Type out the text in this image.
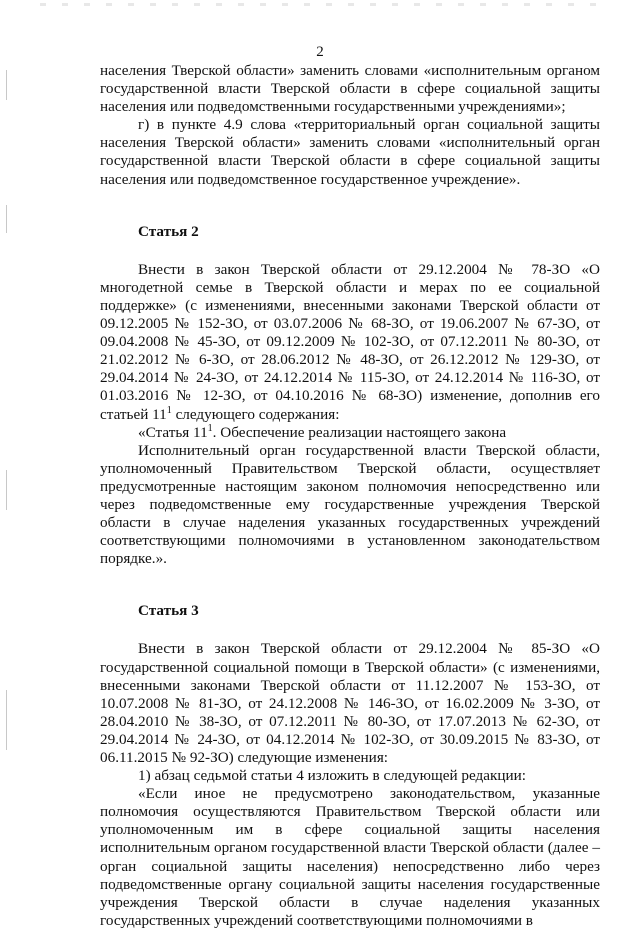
2

населения Тверской области» заменить словами «исполнительным органом государственной власти Тверской области в сфере социальной защиты населения или подведомственными государственными учреждениями»;

г) в пункте 4.9 слова «территориальный орган социальной защиты населения Тверской области» заменить словами «исполнительный орган государственной власти Тверской области в сфере социальной защиты населения или подведомственное государственное учреждение».

Статья 2

Внести в закон Тверской области от 29.12.2004 № 78-ЗО «О многодетной семье в Тверской области и мерах по ее социальной поддержке» (с изменениями, внесенными законами Тверской области от 09.12.2005 № 152-ЗО, от 03.07.2006 № 68-ЗО, от 19.06.2007 № 67-ЗО, от 09.04.2008 № 45-ЗО, от 09.12.2009 № 102-ЗО, от 07.12.2011 № 80-ЗО, от 21.02.2012 № 6-ЗО, от 28.06.2012 № 48-ЗО, от 26.12.2012 № 129-ЗО, от 29.04.2014 № 24-ЗО, от 24.12.2014 № 115-ЗО, от 24.12.2014 № 116-ЗО, от 01.03.2016 № 12-ЗО, от 04.10.2016 № 68-ЗО) изменение, дополнив его статьей $11^1$ следующего содержания:

«Статья $11^1$. Обеспечение реализации настоящего закона

Исполнительный орган государственной власти Тверской области, уполномоченный Правительством Тверской области, осуществляет предусмотренные настоящим законом полномочия непосредственно или через подведомственные ему государственные учреждения Тверской области в случае наделения указанных государственных учреждений соответствующими полномочиями в установленном законодательством порядке.».

Статья 3

Внести в закон Тверской области от 29.12.2004 № 85-ЗО «О государственной социальной помощи в Тверской области» (с изменениями, внесенными законами Тверской области от 11.12.2007 № 153-ЗО, от 10.07.2008 № 81-ЗО, от 24.12.2008 № 146-ЗО, от 16.02.2009 № 3-ЗО, от 28.04.2010 № 38-ЗО, от 07.12.2011 № 80-ЗО, от 17.07.2013 № 62-ЗО, от 29.04.2014 № 24-ЗО, от 04.12.2014 № 102-ЗО, от 30.09.2015 № 83-ЗО, от 06.11.2015 № 92-ЗО) следующие изменения:

1) абзац седьмой статьи 4 изложить в следующей редакции:

«Если иное не предусмотрено законодательством, указанные полномочия осуществляются Правительством Тверской области или уполномоченным им в сфере социальной защиты населения исполнительным органом государственной власти Тверской области (далее – орган социальной защиты населения) непосредственно либо через подведомственные органу социальной защиты населения государственные учреждения Тверской области в случае наделения указанных государственных учреждений соответствующими полномочиями в
